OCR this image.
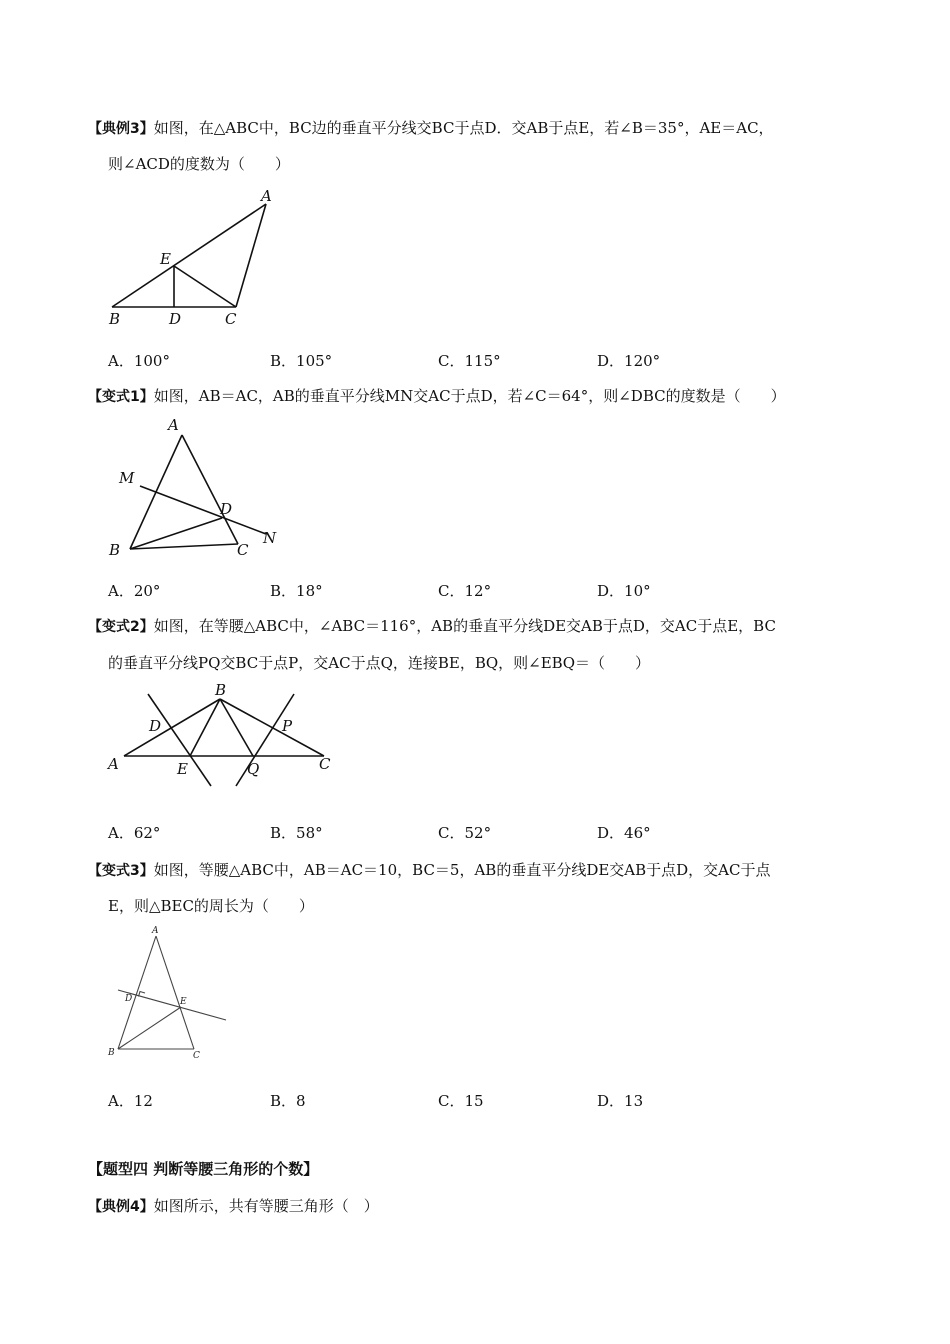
【典例3】如图，在△ABC中，BC边的垂直平分线交BC于点D．交AB于点E，若∠B＝35°，AE＝AC，
则∠ACD的度数为（　　）
A
E
B	D	C
A．100°	B．105°	C．115°	D．120°
【变式1】如图，AB＝AC，AB的垂直平分线MN交AC于点D，若∠C＝64°，则∠DBC的度数是（　　）
A
M
D
N
B	C
A．20°	B．18°	C．12°	D．10°
【变式2】如图，在等腰△ABC中，∠ABC＝116°，AB的垂直平分线DE交AB于点D，交AC于点E，BC
的垂直平分线PQ交BC于点P，交AC于点Q，连接BE，BQ，则∠EBQ＝（　　）
B
D	P
A	E	Q	C
A．62°	B．58°	C．52°	D．46°
【变式3】如图，等腰△ABC中，AB＝AC＝10，BC＝5，AB的垂直平分线DE交AB于点D，交AC于点
E，则△BEC的周长为（　　）
A
D	E
B	C
A．12	B．8	C．15	D．13
【题型四 判断等腰三角形的个数】
【典例4】如图所示，共有等腰三角形（　）
